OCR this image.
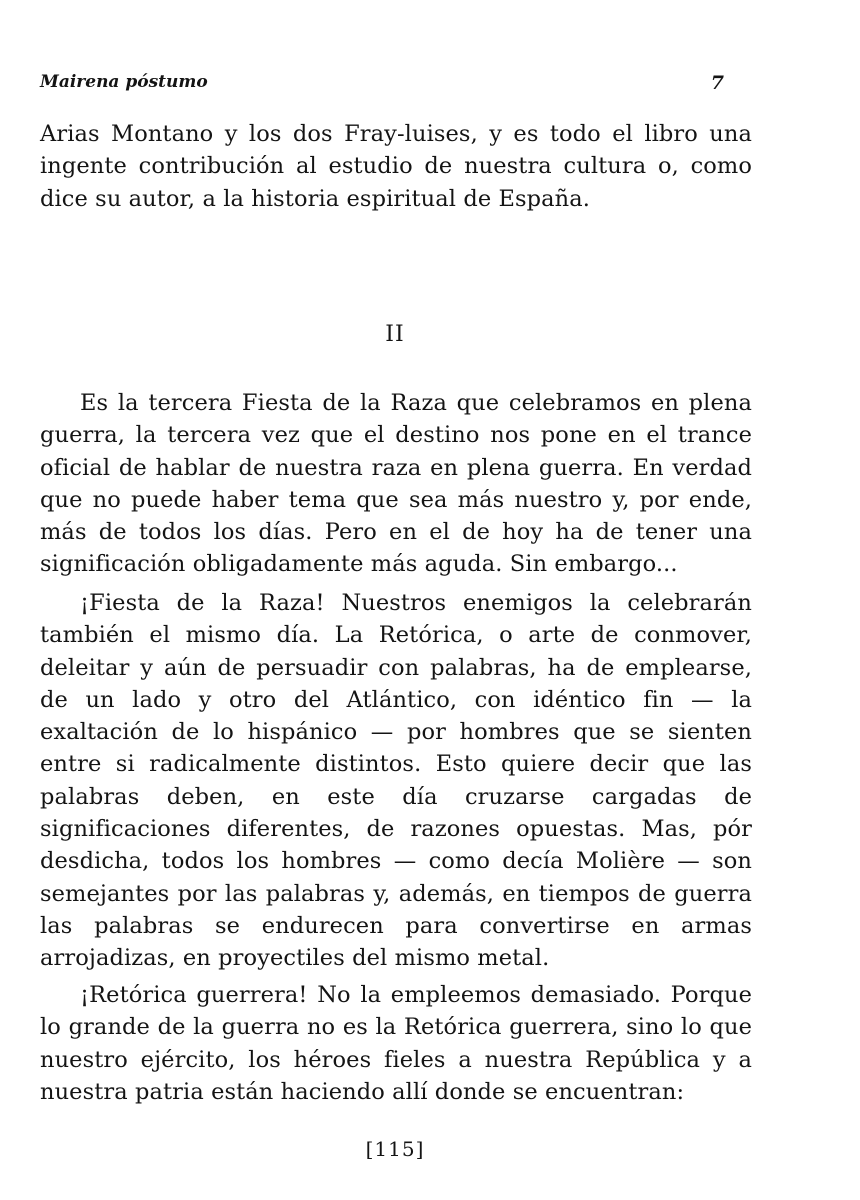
Mairena póstumo	7

Arias Montano y los dos Fray-luises, y es todo el libro una ingente contribución al estudio de nuestra cultura o, como dice su autor, a la historia espiritual de España.

II

Es la tercera Fiesta de la Raza que celebramos en plena guerra, la tercera vez que el destino nos pone en el trance oficial de hablar de nuestra raza en plena guerra. En verdad que no puede haber tema que sea más nuestro y, por ende, más de todos los días. Pero en el de hoy ha de tener una significación obligadamente más aguda. Sin embargo...

¡Fiesta de la Raza! Nuestros enemigos la celebrarán también el mismo día. La Retórica, o arte de conmover, deleitar y aún de persuadir con palabras, ha de emplearse, de un lado y otro del Atlántico, con idéntico fin — la exaltación de lo hispánico — por hombres que se sienten entre si radicalmente distintos. Esto quiere decir que las palabras deben, en este día cruzarse cargadas de significaciones diferentes, de razones opuestas. Mas, pór desdicha, todos los hombres — como decía Molière — son semejantes por las palabras y, además, en tiempos de guerra las palabras se endurecen para convertirse en armas arrojadizas, en proyectiles del mismo metal.

¡Retórica guerrera! No la empleemos demasiado. Porque lo grande de la guerra no es la Retórica guerrera, sino lo que nuestro ejército, los héroes fieles a nuestra República y a nuestra patria están haciendo allí donde se encuentran:

[115]
